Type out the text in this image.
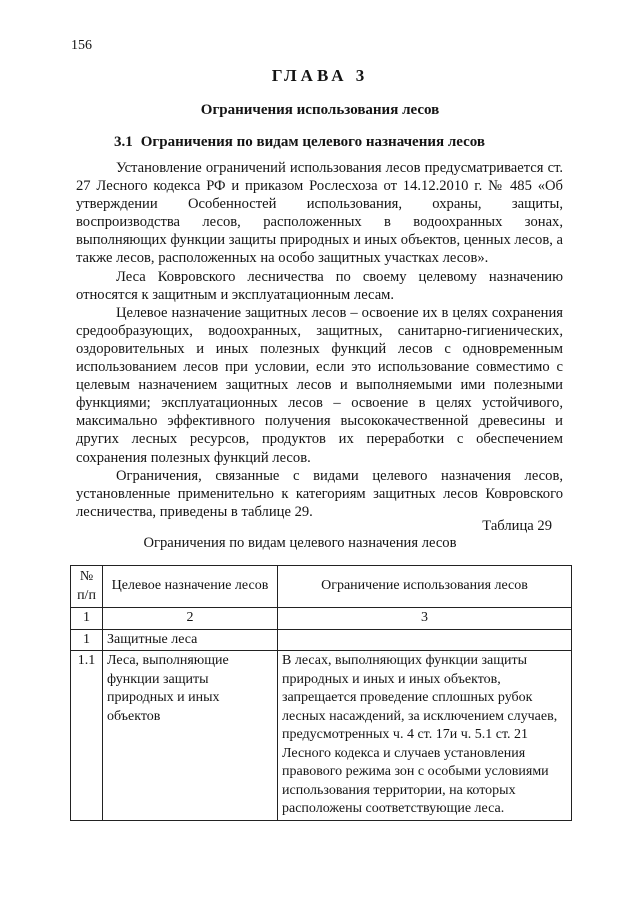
156
ГЛАВА 3
Ограничения использования лесов
3.1 Ограничения по видам целевого назначения лесов

Установление ограничений использования лесов предусматривается ст. 27 Лесного кодекса РФ и приказом Рослесхоза от 14.12.2010 г. № 485 «Об утверждении Особенностей использования, охраны, защиты, воспроизводства лесов, расположенных в водоохранных зонах, выполняющих функции защиты природных и иных объектов, ценных лесов, а также лесов, расположенных на особо защитных участках лесов».

Леса Ковровского лесничества по своему целевому назначению относятся к защитным и эксплуатационным лесам.

Целевое назначение защитных лесов – освоение их в целях сохранения средообразующих, водоохранных, защитных, санитарно-гигиенических, оздоровительных и иных полезных функций лесов с одновременным использованием лесов при условии, если это использование совместимо с целевым назначением защитных лесов и выполняемыми ими полезными функциями; эксплуатационных лесов – освоение в целях устойчивого, максимально эффективного получения высококачественной древесины и других лесных ресурсов, продуктов их переработки с обеспечением сохранения полезных функций лесов.

Ограничения, связанные с видами целевого назначения лесов, установленные применительно к категориям защитных лесов Ковровского лесничества, приведены в таблице 29.

Таблица 29
Ограничения по видам целевого назначения лесов
№ п/п	Целевое назначение лесов	Ограничение использования лесов
1	2	3
1	Защитные леса	
1.1	Леса, выполняющие функции защиты природных и иных объектов	В лесах, выполняющих функции защиты природных и иных и иных объектов, запрещается проведение сплошных рубок лесных насаждений, за исключением случаев, предусмотренных ч. 4 ст. 17и ч. 5.1 ст. 21 Лесного кодекса и случаев установления правового режима зон с особыми условиями использования территории, на которых расположены соответствующие леса.
